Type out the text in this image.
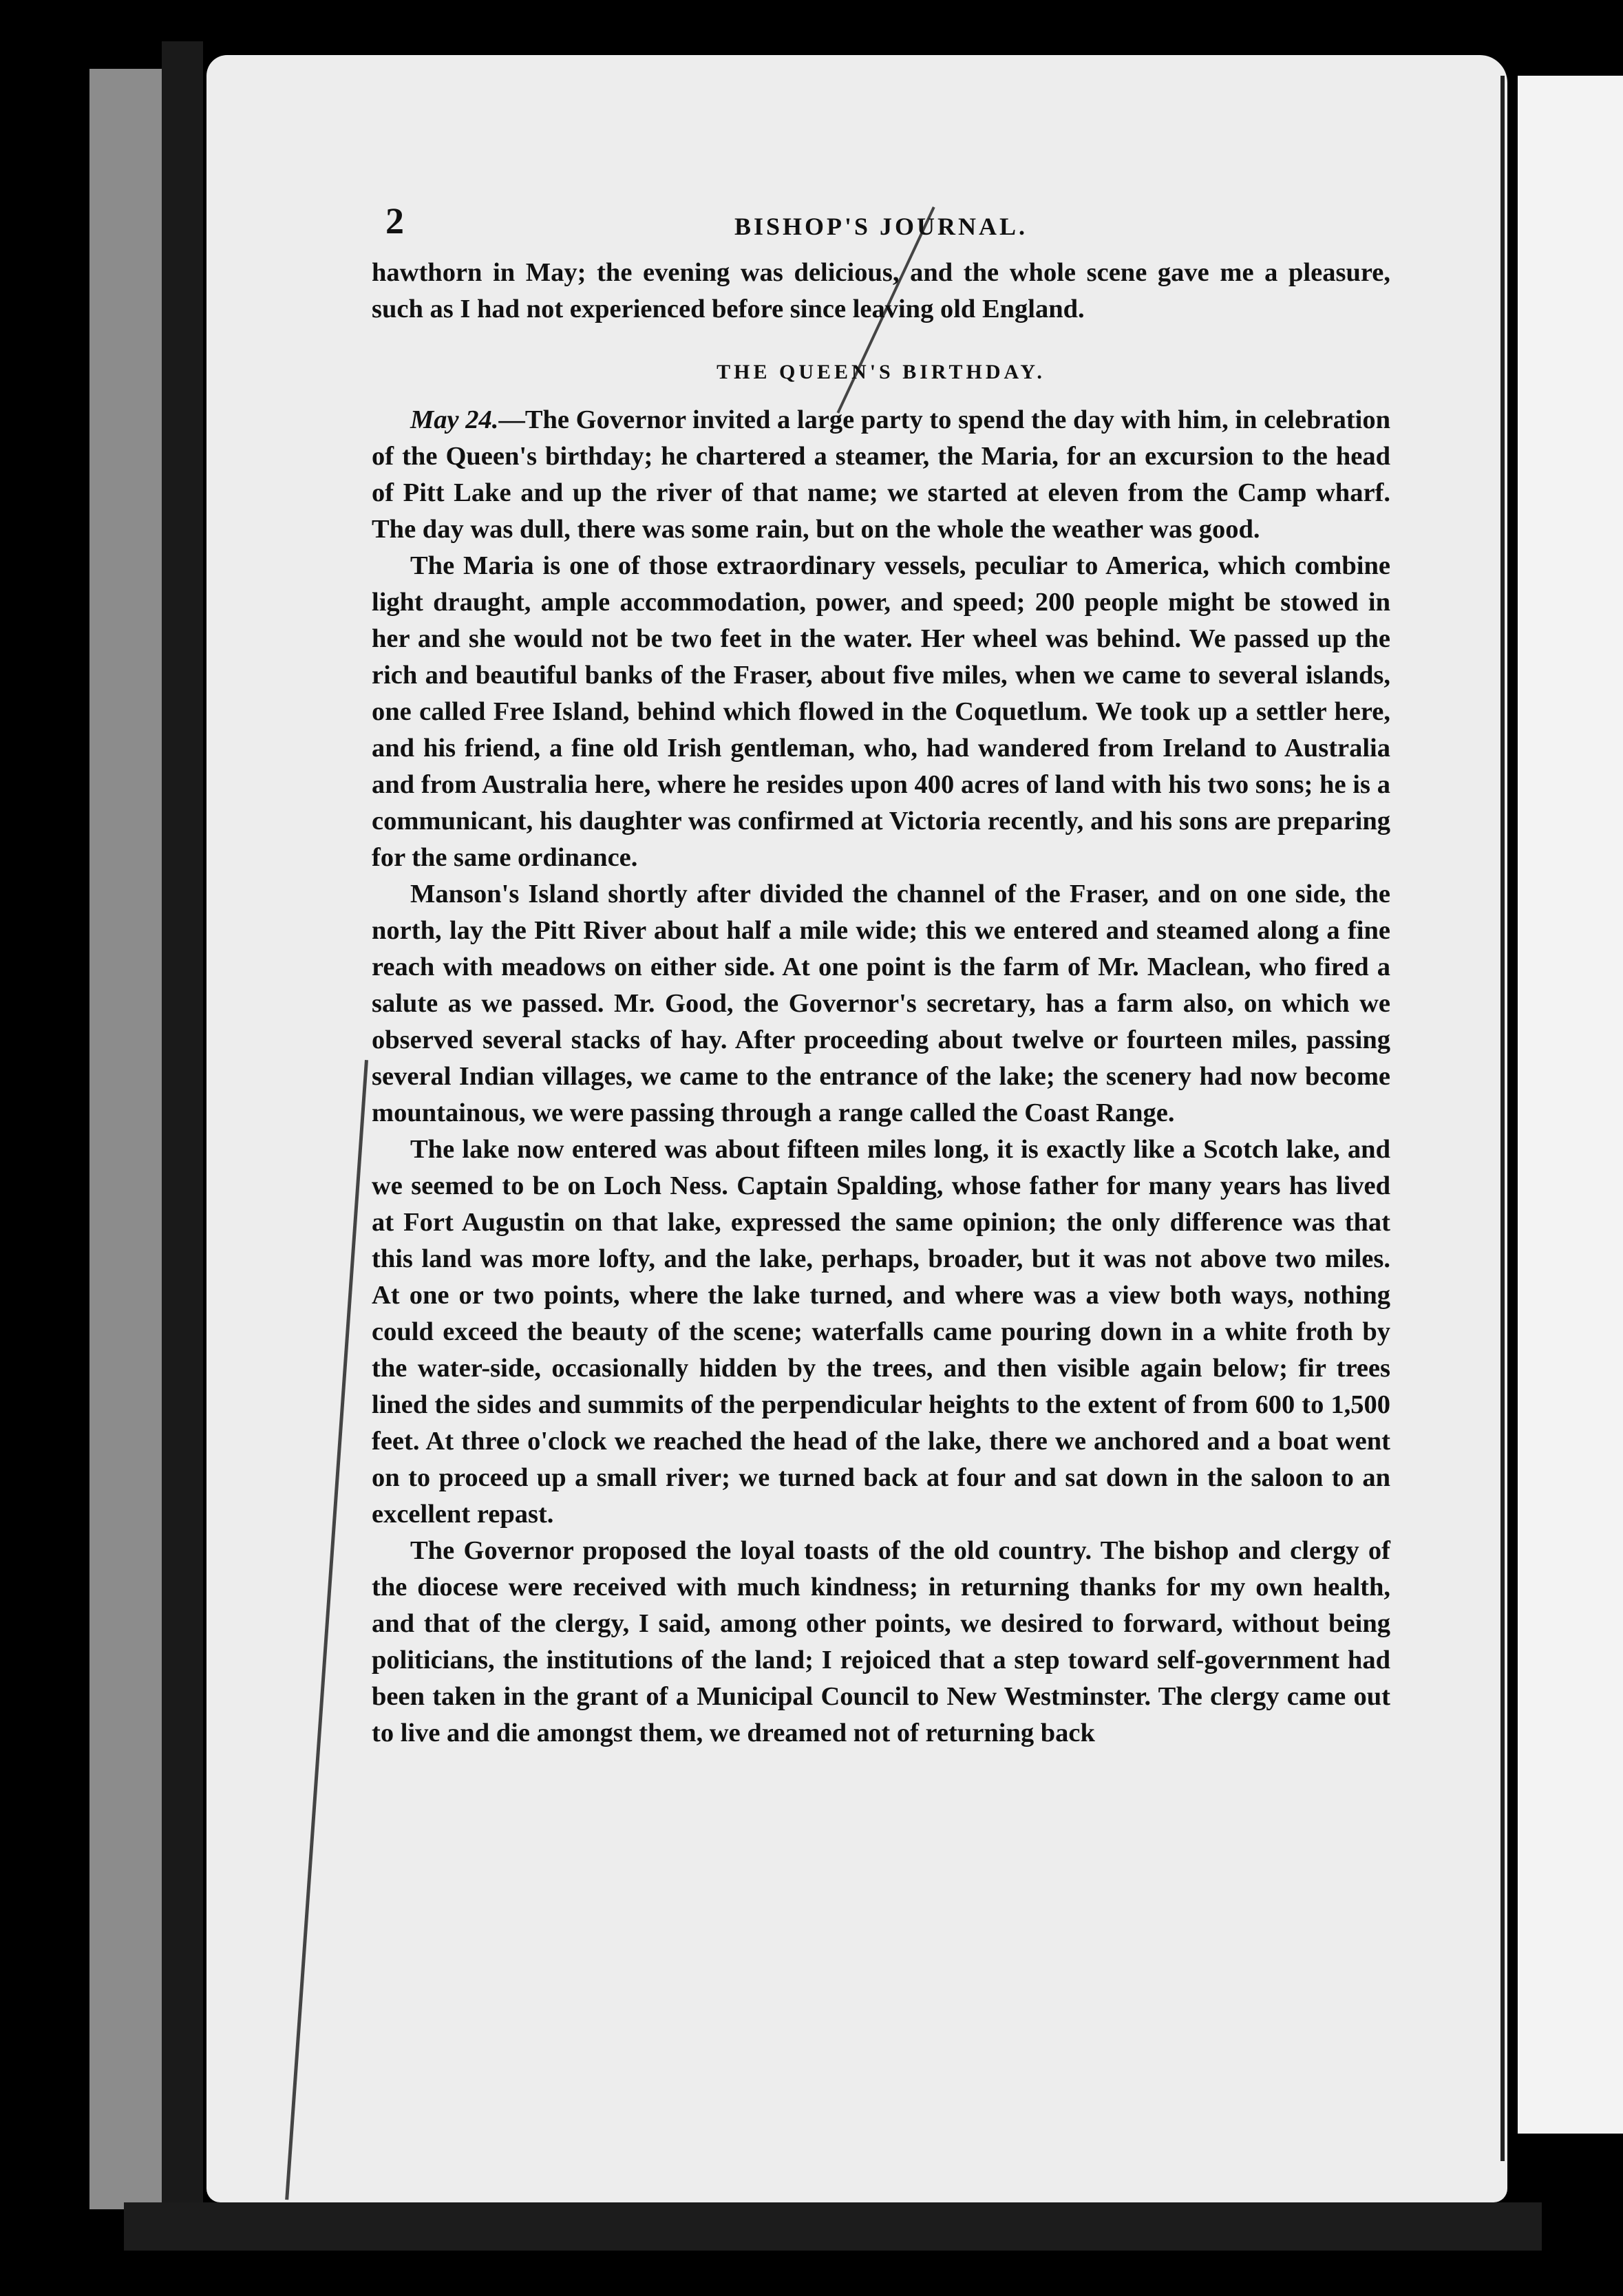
2	BISHOP'S JOURNAL.

hawthorn in May; the evening was delicious, and the whole scene gave me a pleasure, such as I had not experienced before since leaving old England.

THE QUEEN'S BIRTHDAY.

May 24.—The Governor invited a large party to spend the day with him, in celebration of the Queen's birthday; he chartered a steamer, the Maria, for an excursion to the head of Pitt Lake and up the river of that name; we started at eleven from the Camp wharf. The day was dull, there was some rain, but on the whole the weather was good.

The Maria is one of those extraordinary vessels, peculiar to America, which combine light draught, ample accommodation, power, and speed; 200 people might be stowed in her and she would not be two feet in the water. Her wheel was behind. We passed up the rich and beautiful banks of the Fraser, about five miles, when we came to several islands, one called Free Island, behind which flowed in the Coquetlum. We took up a settler here, and his friend, a fine old Irish gentleman, who, had wandered from Ireland to Australia and from Australia here, where he resides upon 400 acres of land with his two sons; he is a communicant, his daughter was confirmed at Victoria recently, and his sons are preparing for the same ordinance.

Manson's Island shortly after divided the channel of the Fraser, and on one side, the north, lay the Pitt River about half a mile wide; this we entered and steamed along a fine reach with meadows on either side. At one point is the farm of Mr. Maclean, who fired a salute as we passed. Mr. Good, the Governor's secretary, has a farm also, on which we observed several stacks of hay. After proceeding about twelve or fourteen miles, passing several Indian villages, we came to the entrance of the lake; the scenery had now become mountainous, we were passing through a range called the Coast Range.

The lake now entered was about fifteen miles long, it is exactly like a Scotch lake, and we seemed to be on Loch Ness. Captain Spalding, whose father for many years has lived at Fort Augustin on that lake, expressed the same opinion; the only difference was that this land was more lofty, and the lake, perhaps, broader, but it was not above two miles. At one or two points, where the lake turned, and where was a view both ways, nothing could exceed the beauty of the scene; waterfalls came pouring down in a white froth by the water-side, occasionally hidden by the trees, and then visible again below; fir trees lined the sides and summits of the perpendicular heights to the extent of from 600 to 1,500 feet. At three o'clock we reached the head of the lake, there we anchored and a boat went on to proceed up a small river; we turned back at four and sat down in the saloon to an excellent repast.

The Governor proposed the loyal toasts of the old country. The bishop and clergy of the diocese were received with much kindness; in returning thanks for my own health, and that of the clergy, I said, among other points, we desired to forward, without being politicians, the institutions of the land; I rejoiced that a step toward self-government had been taken in the grant of a Municipal Council to New Westminster. The clergy came out to live and die amongst them, we dreamed not of returning back
